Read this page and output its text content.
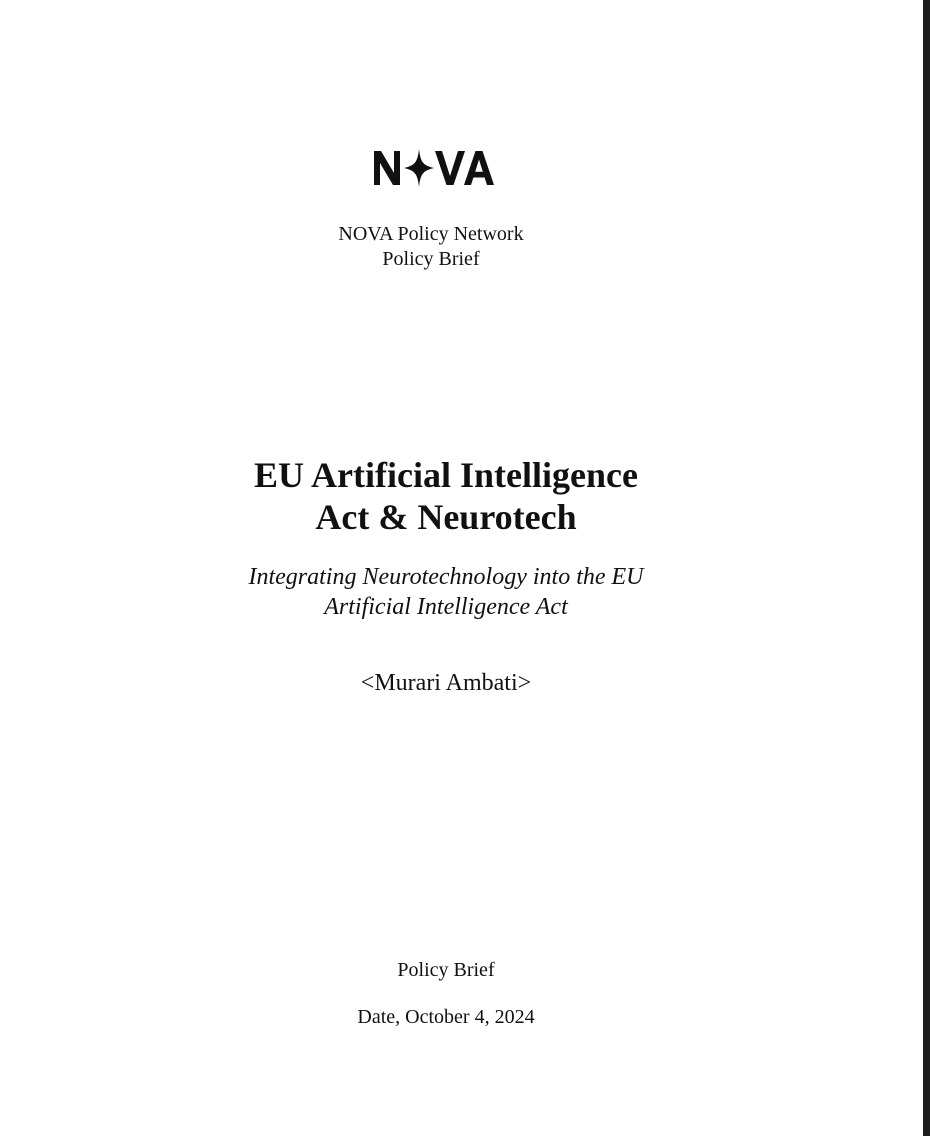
NOVA Policy Network
Policy Brief
EU Artificial Intelligence
Act & Neurotech
Integrating Neurotechnology into the EU
Artificial Intelligence Act
<Murari Ambati>
Policy Brief
Date, October 4, 2024
